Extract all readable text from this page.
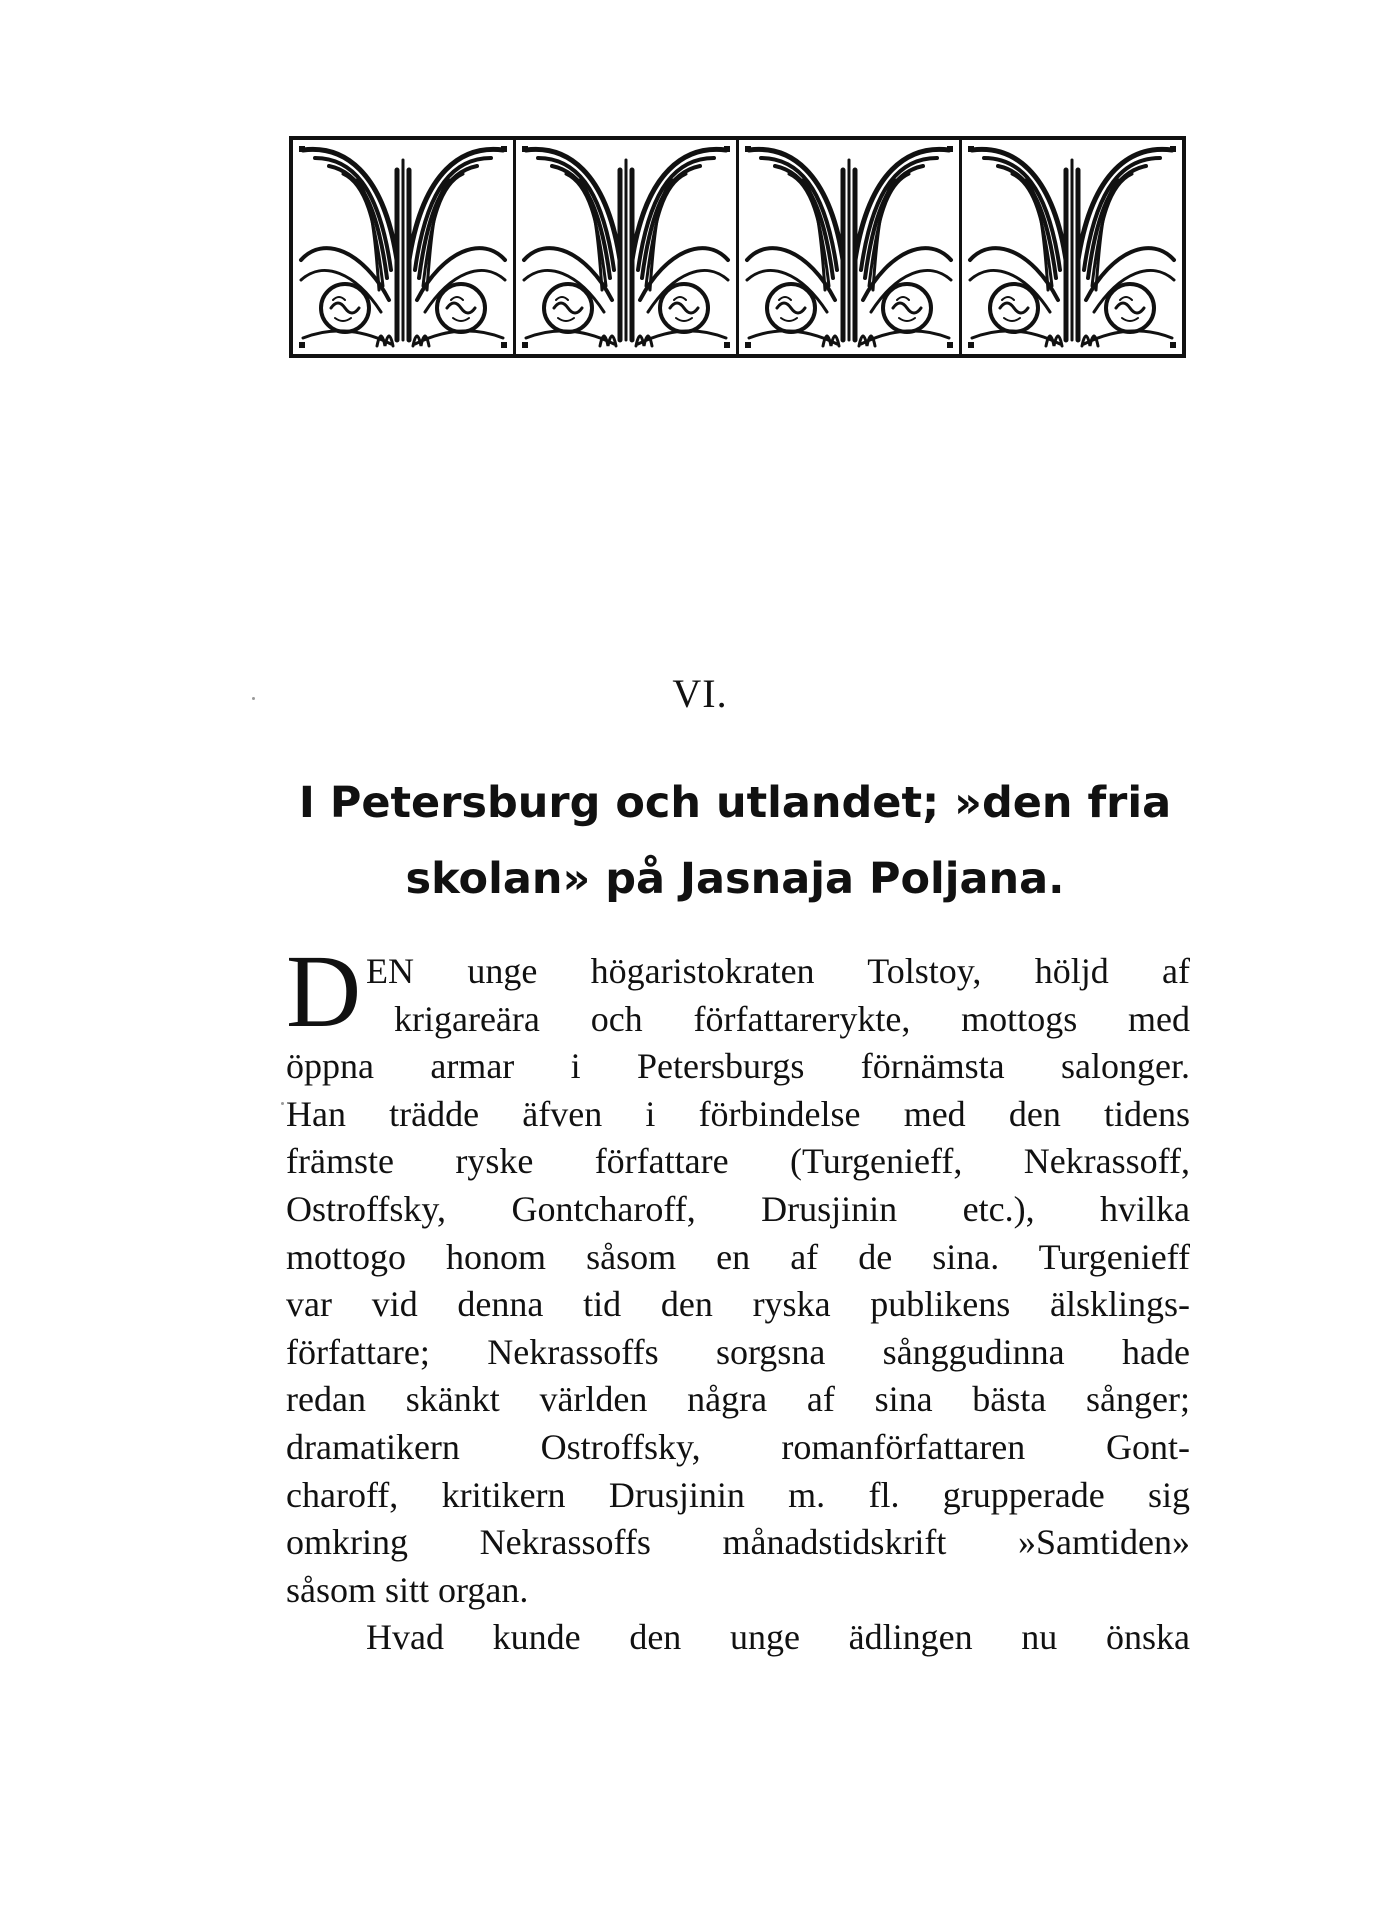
VI.
I Petersburg och utlandet; »den fria
skolan» på Jasnaja Poljana.
D EN unge högaristokraten Tolstoy, höljd af
krigareära och författarerykte, mottogs med
öppna armar i Petersburgs förnämsta salonger.
Han trädde äfven i förbindelse med den tidens
främste ryske författare (Turgenieff, Nekrassoff,
Ostroffsky, Gontcharoff, Drusjinin etc.), hvilka
mottogo honom såsom en af de sina. Turgenieff
var vid denna tid den ryska publikens älsklings-
författare; Nekrassoffs sorgsna sånggudinna hade
redan skänkt världen några af sina bästa sånger;
dramatikern Ostroffsky, romanförfattaren Gont-
charoff, kritikern Drusjinin m. fl. grupperade sig
omkring Nekrassoffs månadstidskrift »Samtiden»
såsom sitt organ.
Hvad kunde den unge ädlingen nu önska
